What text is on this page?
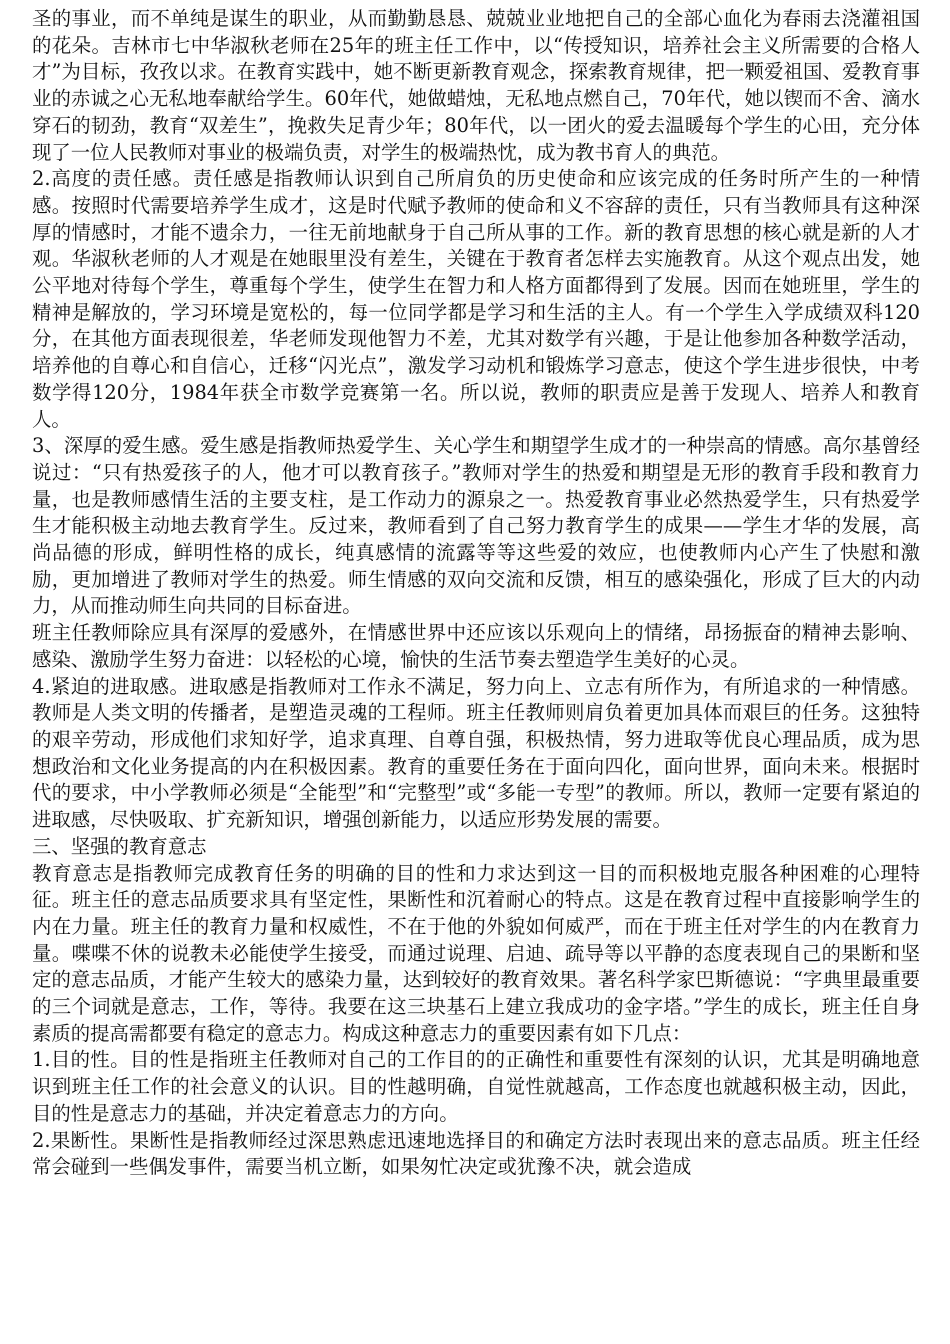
圣的事业，而不单纯是谋生的职业，从而勤勤恳恳、兢兢业业地把自己的全部心血化为春雨去浇灌祖国的花朵。吉林市七中华淑秋老师在25年的班主任工作中，以“传授知识，培养社会主义所需要的合格人才”为目标，孜孜以求。在教育实践中，她不断更新教育观念，探索教育规律，把一颗爱祖国、爱教育事业的赤诚之心无私地奉献给学生。60年代，她做蜡烛，无私地点燃自己，70年代，她以锲而不舍、滴水穿石的韧劲，教育“双差生”，挽救失足青少年；80年代，以一团火的爱去温暖每个学生的心田，充分体现了一位人民教师对事业的极端负责，对学生的极端热忱，成为教书育人的典范。

2.高度的责任感。责任感是指教师认识到自己所肩负的历史使命和应该完成的任务时所产生的一种情感。按照时代需要培养学生成才，这是时代赋予教师的使命和义不容辞的责任，只有当教师具有这种深厚的情感时，才能不遗余力，一往无前地献身于自己所从事的工作。新的教育思想的核心就是新的人才观。华淑秋老师的人才观是在她眼里没有差生，关键在于教育者怎样去实施教育。从这个观点出发，她公平地对待每个学生，尊重每个学生，使学生在智力和人格方面都得到了发展。因而在她班里，学生的精神是解放的，学习环境是宽松的，每一位同学都是学习和生活的主人。有一个学生入学成绩双科120分，在其他方面表现很差，华老师发现他智力不差，尤其对数学有兴趣，于是让他参加各种数学活动，培养他的自尊心和自信心，迁移“闪光点”，激发学习动机和锻炼学习意志，使这个学生进步很快，中考数学得120分，1984年获全市数学竞赛第一名。所以说，教师的职责应是善于发现人、培养人和教育人。

3、深厚的爱生感。爱生感是指教师热爱学生、关心学生和期望学生成才的一种崇高的情感。高尔基曾经说过：“只有热爱孩子的人，他才可以教育孩子。”教师对学生的热爱和期望是无形的教育手段和教育力量，也是教师感情生活的主要支柱，是工作动力的源泉之一。热爱教育事业必然热爱学生，只有热爱学生才能积极主动地去教育学生。反过来，教师看到了自己努力教育学生的成果——学生才华的发展，高尚品德的形成，鲜明性格的成长，纯真感情的流露等等这些爱的效应，也使教师内心产生了快慰和激励，更加增进了教师对学生的热爱。师生情感的双向交流和反馈，相互的感染强化，形成了巨大的内动力，从而推动师生向共同的目标奋进。

班主任教师除应具有深厚的爱感外，在情感世界中还应该以乐观向上的情绪，昂扬振奋的精神去影响、感染、激励学生努力奋进：以轻松的心境，愉快的生活节奏去塑造学生美好的心灵。

4.紧迫的进取感。进取感是指教师对工作永不满足，努力向上、立志有所作为，有所追求的一种情感。教师是人类文明的传播者，是塑造灵魂的工程师。班主任教师则肩负着更加具体而艰巨的任务。这独特的艰辛劳动，形成他们求知好学，追求真理、自尊自强，积极热情，努力进取等优良心理品质，成为思想政治和文化业务提高的内在积极因素。教育的重要任务在于面向四化，面向世界，面向未来。根据时代的要求，中小学教师必须是“全能型”和“完整型”或“多能一专型”的教师。所以，教师一定要有紧迫的进取感，尽快吸取、扩充新知识，增强创新能力，以适应形势发展的需要。

三、坚强的教育意志

教育意志是指教师完成教育任务的明确的目的性和力求达到这一目的而积极地克服各种困难的心理特征。班主任的意志品质要求具有坚定性，果断性和沉着耐心的特点。这是在教育过程中直接影响学生的内在力量。班主任的教育力量和权威性，不在于他的外貌如何威严，而在于班主任对学生的内在教育力量。喋喋不休的说教未必能使学生接受，而通过说理、启迪、疏导等以平静的态度表现自己的果断和坚定的意志品质，才能产生较大的感染力量，达到较好的教育效果。著名科学家巴斯德说：“字典里最重要的三个词就是意志，工作，等待。我要在这三块基石上建立我成功的金字塔。”学生的成长，班主任自身素质的提高需都要有稳定的意志力。构成这种意志力的重要因素有如下几点：

1.目的性。目的性是指班主任教师对自己的工作目的的正确性和重要性有深刻的认识，尤其是明确地意识到班主任工作的社会意义的认识。目的性越明确，自觉性就越高，工作态度也就越积极主动，因此，目的性是意志力的基础，并决定着意志力的方向。

2.果断性。果断性是指教师经过深思熟虑迅速地选择目的和确定方法时表现出来的意志品质。班主任经常会碰到一些偶发事件，需要当机立断，如果匆忙决定或犹豫不决，就会造成
